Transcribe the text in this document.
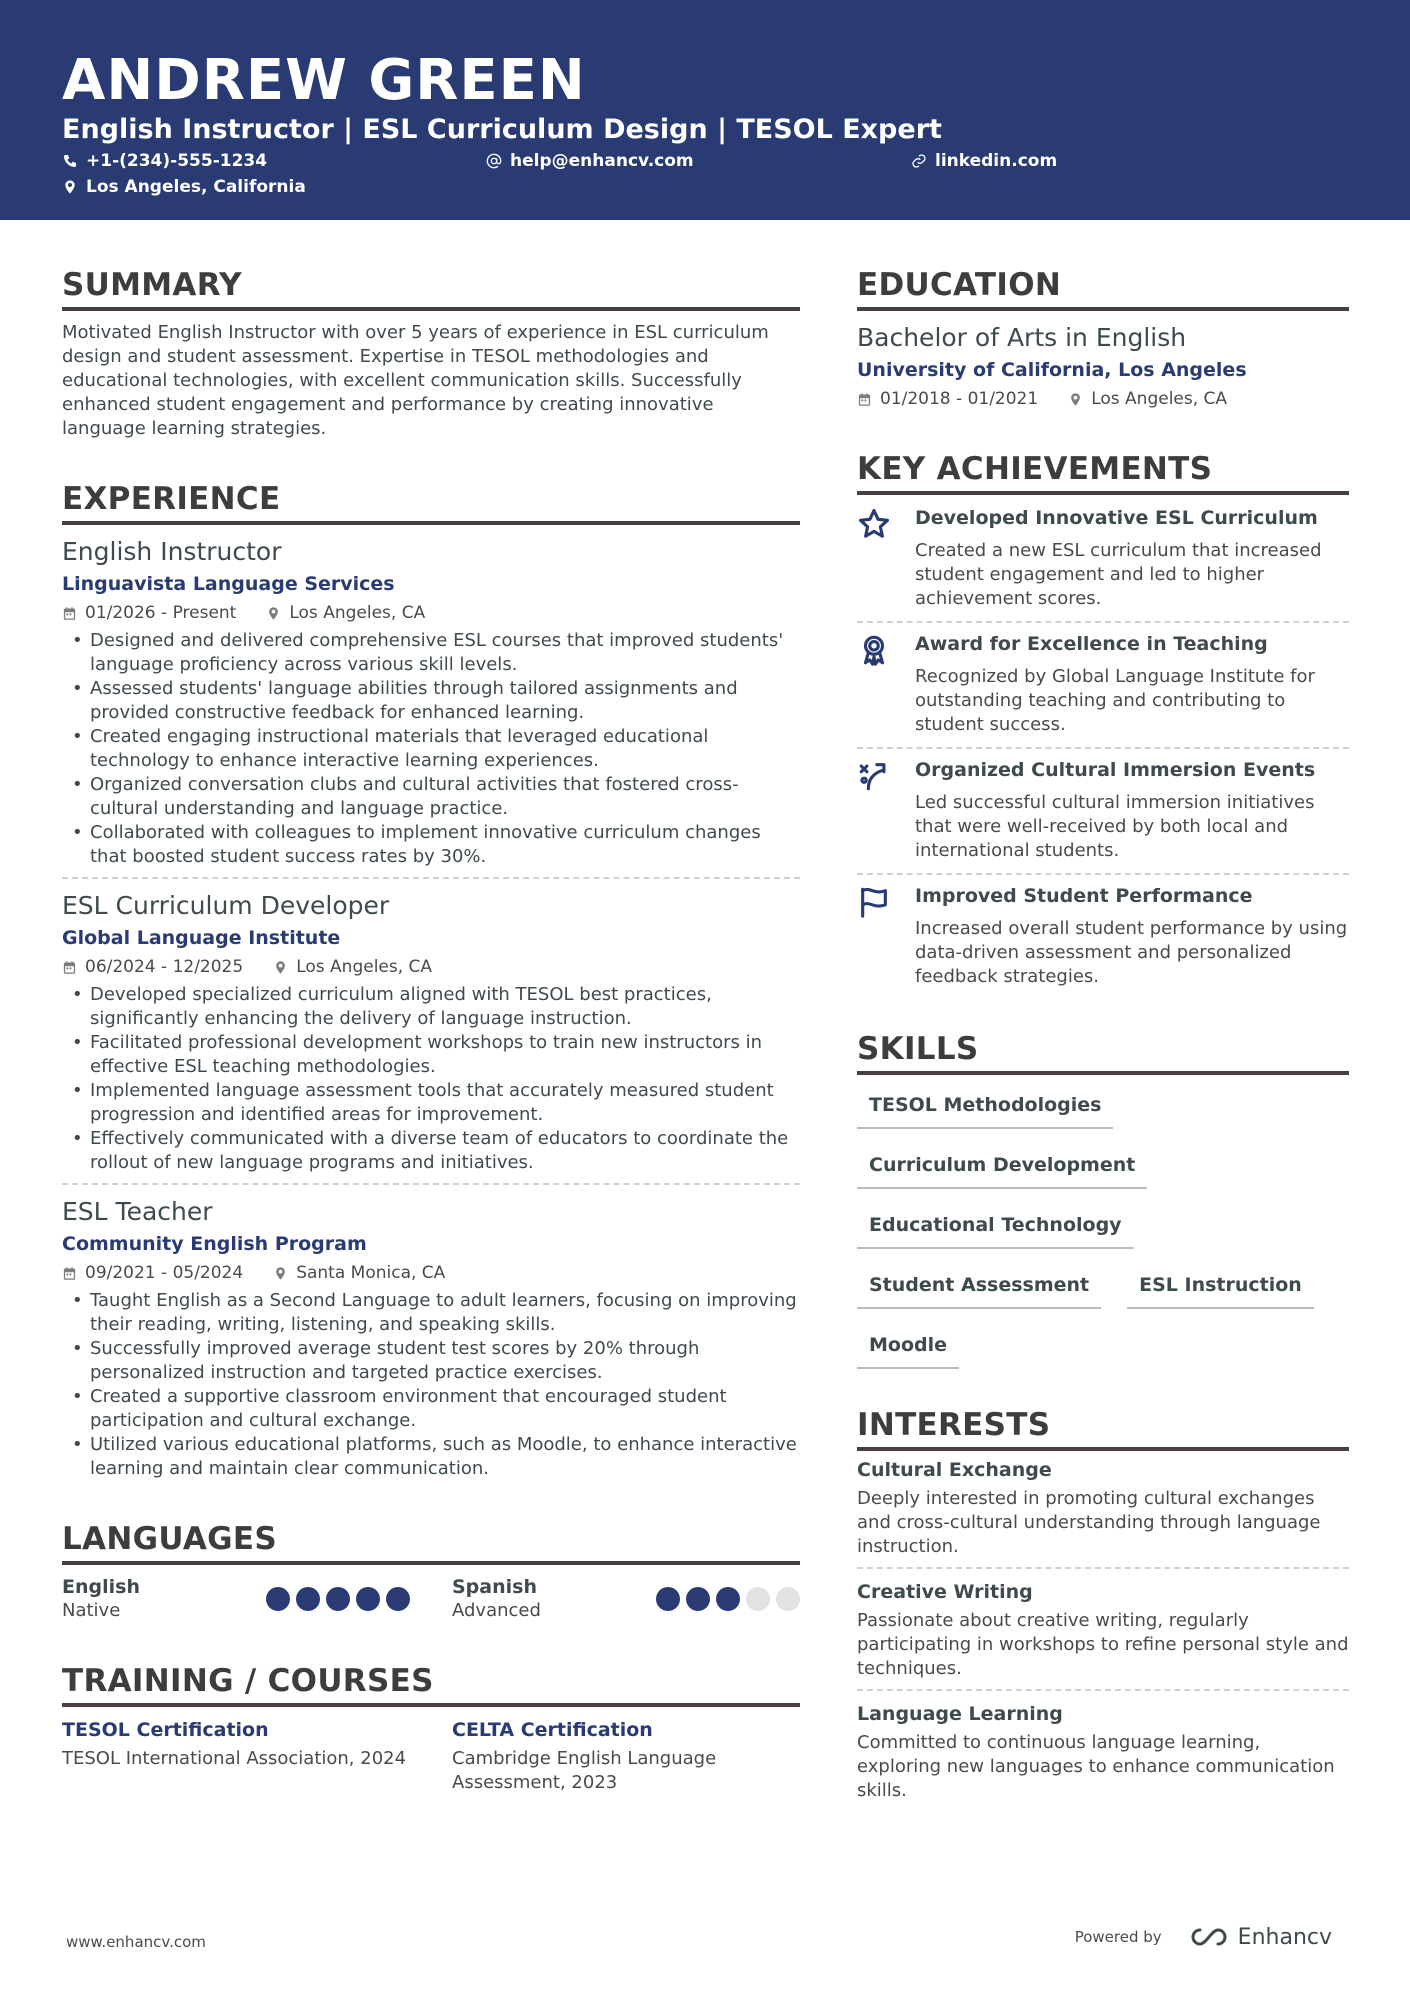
ANDREW GREEN
English Instructor | ESL Curriculum Design | TESOL Expert
+1-(234)-555-1234	help@enhancv.com	linkedin.com
Los Angeles, California
SUMMARY
Motivated English Instructor with over 5 years of experience in ESL curriculum design and student assessment. Expertise in TESOL methodologies and educational technologies, with excellent communication skills. Successfully enhanced student engagement and performance by creating innovative language learning strategies.
EXPERIENCE
English Instructor
Linguavista Language Services
01/2026 - Present	Los Angeles, CA
• Designed and delivered comprehensive ESL courses that improved students' language proficiency across various skill levels.
• Assessed students' language abilities through tailored assignments and provided constructive feedback for enhanced learning.
• Created engaging instructional materials that leveraged educational technology to enhance interactive learning experiences.
• Organized conversation clubs and cultural activities that fostered cross-cultural understanding and language practice.
• Collaborated with colleagues to implement innovative curriculum changes that boosted student success rates by 30%.
ESL Curriculum Developer
Global Language Institute
06/2024 - 12/2025	Los Angeles, CA
• Developed specialized curriculum aligned with TESOL best practices, significantly enhancing the delivery of language instruction.
• Facilitated professional development workshops to train new instructors in effective ESL teaching methodologies.
• Implemented language assessment tools that accurately measured student progression and identified areas for improvement.
• Effectively communicated with a diverse team of educators to coordinate the rollout of new language programs and initiatives.
ESL Teacher
Community English Program
09/2021 - 05/2024	Santa Monica, CA
• Taught English as a Second Language to adult learners, focusing on improving their reading, writing, listening, and speaking skills.
• Successfully improved average student test scores by 20% through personalized instruction and targeted practice exercises.
• Created a supportive classroom environment that encouraged student participation and cultural exchange.
• Utilized various educational platforms, such as Moodle, to enhance interactive learning and maintain clear communication.
LANGUAGES
English
Native
Spanish
Advanced
TRAINING / COURSES
TESOL Certification
TESOL International Association, 2024
CELTA Certification
Cambridge English Language Assessment, 2023
EDUCATION
Bachelor of Arts in English
University of California, Los Angeles
01/2018 - 01/2021	Los Angeles, CA
KEY ACHIEVEMENTS
Developed Innovative ESL Curriculum
Created a new ESL curriculum that increased student engagement and led to higher achievement scores.
Award for Excellence in Teaching
Recognized by Global Language Institute for outstanding teaching and contributing to student success.
Organized Cultural Immersion Events
Led successful cultural immersion initiatives that were well-received by both local and international students.
Improved Student Performance
Increased overall student performance by using data-driven assessment and personalized feedback strategies.
SKILLS
TESOL Methodologies
Curriculum Development
Educational Technology
Student Assessment	ESL Instruction
Moodle
INTERESTS
Cultural Exchange
Deeply interested in promoting cultural exchanges and cross-cultural understanding through language instruction.
Creative Writing
Passionate about creative writing, regularly participating in workshops to refine personal style and techniques.
Language Learning
Committed to continuous language learning, exploring new languages to enhance communication skills.
www.enhancv.com	Powered by	Enhancv
